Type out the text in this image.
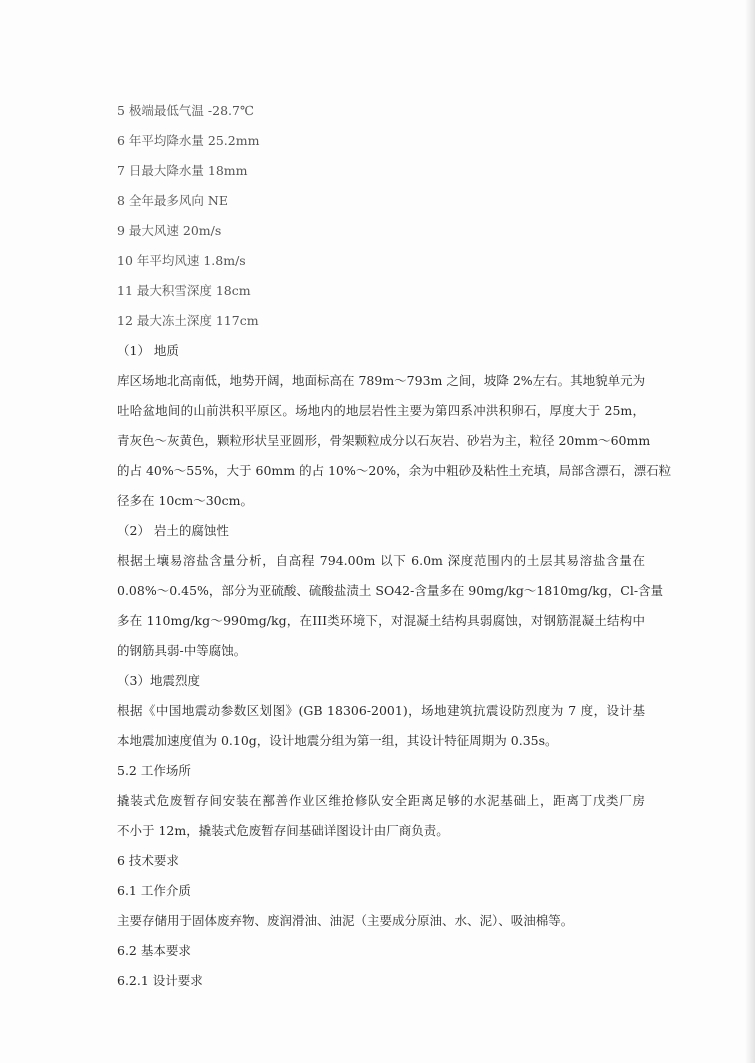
5 极端最低气温 -28.7℃
6 年平均降水量 25.2mm
7 日最大降水量 18mm
8 全年最多风向 NE
9 最大风速 20m/s
10 年平均风速 1.8m/s
11 最大积雪深度 18cm
12 最大冻土深度 117cm
（1） 地质
库区场地北高南低，地势开阔，地面标高在 789m～793m 之间，坡降 2%左右。其地貌单元为
吐哈盆地间的山前洪积平原区。场地内的地层岩性主要为第四系冲洪积卵石，厚度大于 25m，
青灰色～灰黄色，颗粒形状呈亚圆形，骨架颗粒成分以石灰岩、砂岩为主，粒径 20mm～60mm
的占 40%～55%，大于 60mm 的占 10%～20%，余为中粗砂及粘性土充填，局部含漂石，漂石粒
径多在 10cm～30cm。
（2） 岩土的腐蚀性
根据土壤易溶盐含量分析，自高程 794.00m 以下 6.0m 深度范围内的土层其易溶盐含量在
0.08%～0.45%，部分为亚硫酸、硫酸盐渍土 SO42-含量多在 90mg/kg～1810mg/kg，Cl-含量
多在 110mg/kg～990mg/kg，在III类环境下，对混凝土结构具弱腐蚀，对钢筋混凝土结构中
的钢筋具弱-中等腐蚀。
（3）地震烈度
根据《中国地震动参数区划图》(GB 18306-2001)，场地建筑抗震设防烈度为 7 度，设计基
本地震加速度值为 0.10g，设计地震分组为第一组，其设计特征周期为 0.35s。
5.2 工作场所
撬装式危废暂存间安装在鄯善作业区维抢修队安全距离足够的水泥基础上，距离丁戊类厂房
不小于 12m，撬装式危废暂存间基础详图设计由厂商负责。
6 技术要求
6.1 工作介质
主要存储用于固体废弃物、废润滑油、油泥（主要成分原油、水、泥）、吸油棉等。
6.2 基本要求
6.2.1 设计要求
